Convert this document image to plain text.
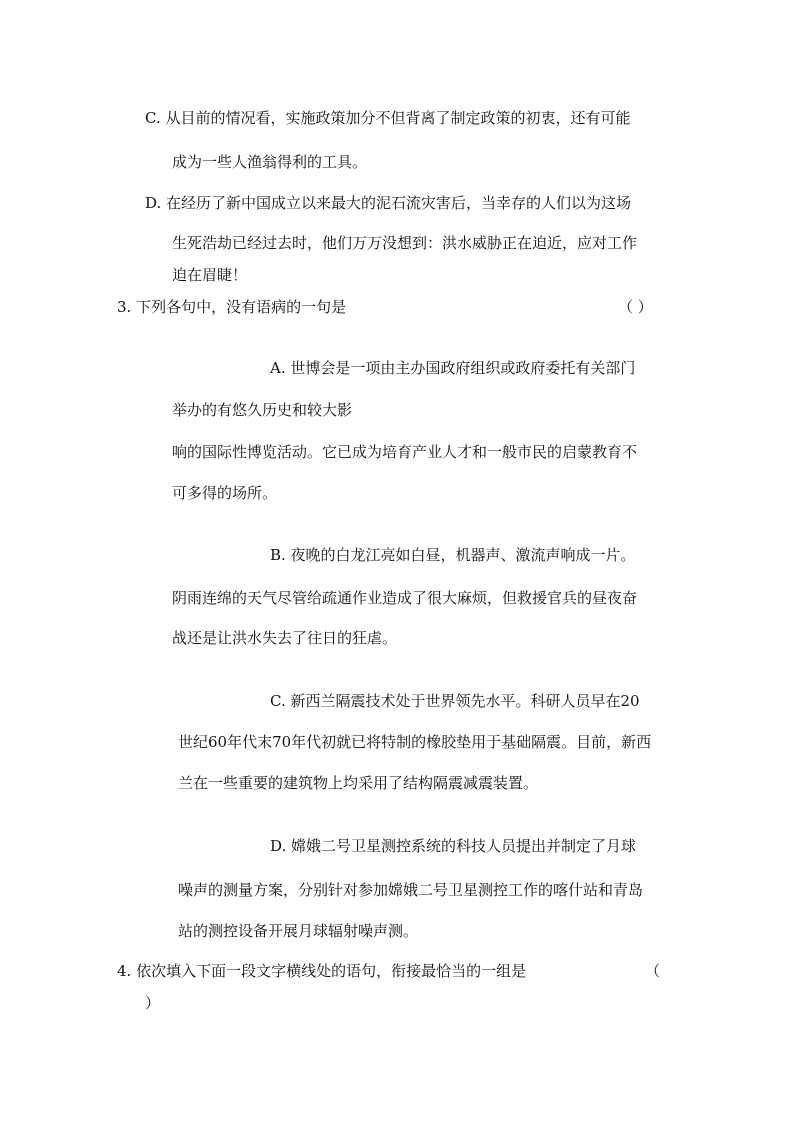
C. 从目前的情况看，实施政策加分不但背离了制定政策的初衷，还有可能
成为一些人渔翁得利的工具。
D. 在经历了新中国成立以来最大的泥石流灾害后，当幸存的人们以为这场
生死浩劫已经过去时，他们万万没想到：洪水威胁正在迫近，应对工作
迫在眉睫！
3. 下列各句中，没有语病的一句是	（ ）
A. 世博会是一项由主办国政府组织或政府委托有关部门
举办的有悠久历史和较大影
响的国际性博览活动。它已成为培育产业人才和一般市民的启蒙教育不
可多得的场所。
B. 夜晚的白龙江亮如白昼，机器声、激流声响成一片。
阴雨连绵的天气尽管给疏通作业造成了很大麻烦，但救援官兵的昼夜奋
战还是让洪水失去了往日的狂虐。
C. 新西兰隔震技术处于世界领先水平。科研人员早在20
世纪60年代末70年代初就已将特制的橡胶垫用于基础隔震。目前，新西
兰在一些重要的建筑物上均采用了结构隔震减震装置。
D. 嫦娥二号卫星测控系统的科技人员提出并制定了月球
噪声的测量方案，分别针对参加嫦娥二号卫星测控工作的喀什站和青岛
站的测控设备开展月球辐射噪声测。
4. 依次填入下面一段文字横线处的语句，衔接最恰当的一组是	（
）
